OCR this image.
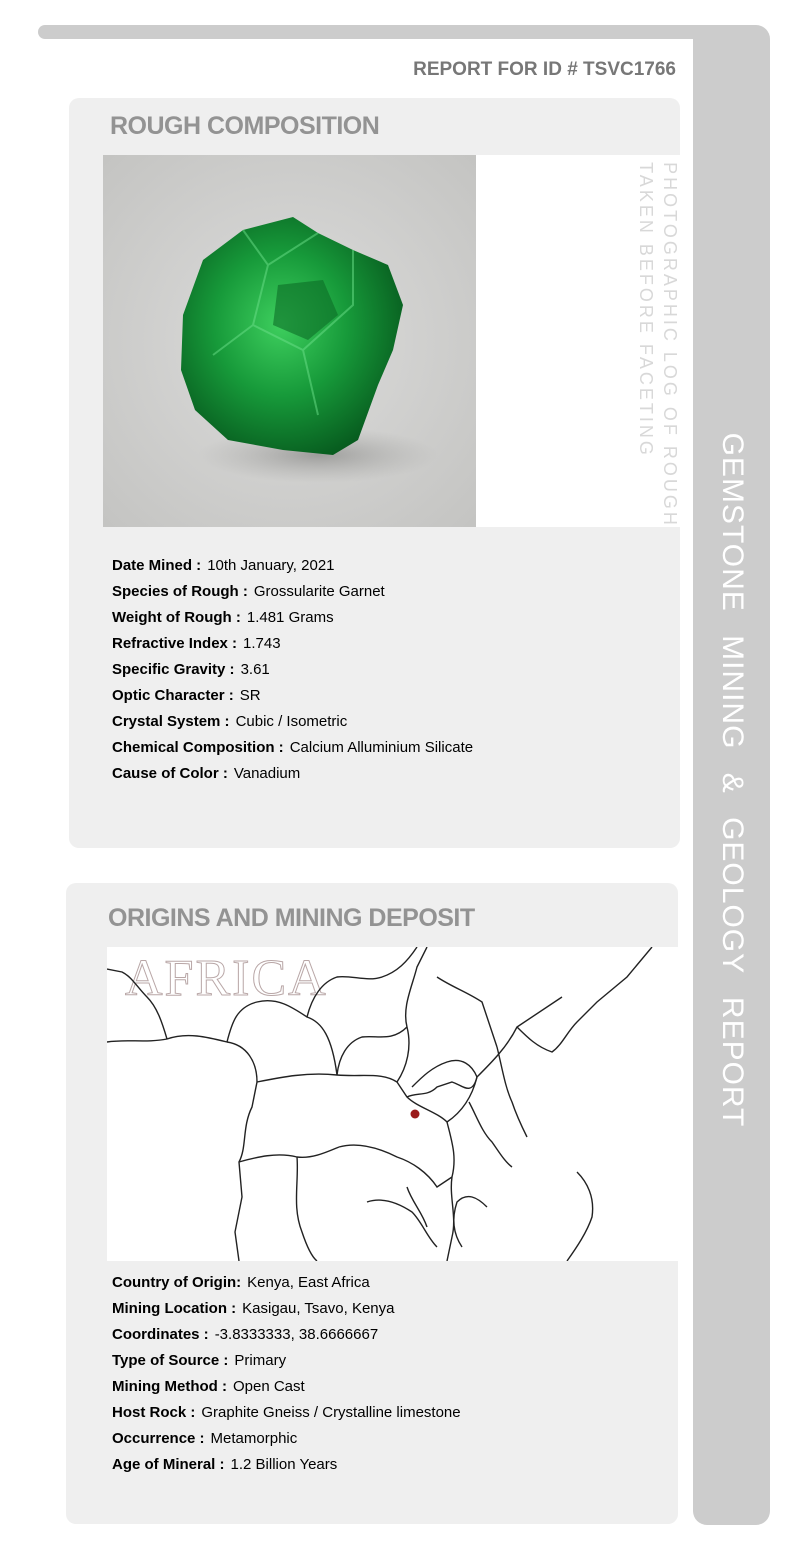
GEMSTONE MINING & GEOLOGY REPORT
REPORT FOR ID # TSVC1766
ROUGH COMPOSITION
PHOTOGRAPHIC LOG OF ROUGH
TAKEN BEFORE FACETING
Date Mined : 10th January, 2021
Species of Rough : Grossularite Garnet
Weight of Rough : 1.481 Grams
Refractive Index : 1.743
Specific Gravity : 3.61
Optic Character : SR
Crystal System : Cubic / Isometric
Chemical Composition : Calcium Alluminium Silicate
Cause of Color : Vanadium
ORIGINS AND MINING DEPOSIT
AFRICA
Country of Origin: Kenya, East Africa
Mining Location : Kasigau, Tsavo, Kenya
Coordinates : -3.8333333, 38.6666667
Type of Source : Primary
Mining Method : Open Cast
Host Rock : Graphite Gneiss / Crystalline limestone
Occurrence : Metamorphic
Age of Mineral : 1.2 Billion Years
